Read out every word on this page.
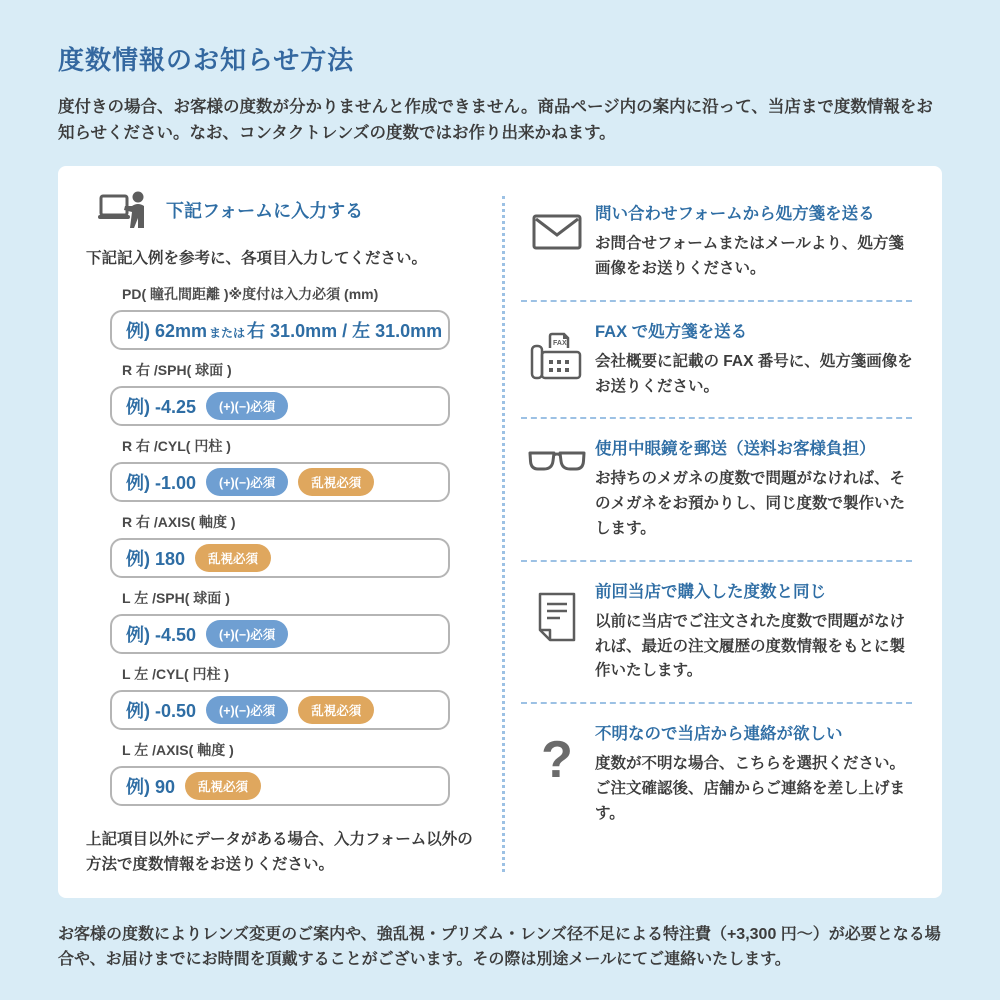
度数情報のお知らせ方法

度付きの場合、お客様の度数が分かりませんと作成できません。商品ページ内の案内に沿って、当店まで度数情報をお知らせください。なお、コンタクトレンズの度数ではお作り出来かねます。

下記フォームに入力する

下記記入例を参考に、各項目入力してください。

PD( 瞳孔間距離 )※度付は入力必須 (mm)
例) 62mm または 右 31.0mm / 左 31.0mm
R 右 /SPH( 球面 )
例) -4.25	(+)(−)必須
R 右 /CYL( 円柱 )
例) -1.00	(+)(−)必須	乱視必須
R 右 /AXIS( 軸度 )
例) 180	乱視必須
L 左 /SPH( 球面 )
例) -4.50	(+)(−)必須
L 左 /CYL( 円柱 )
例) -0.50	(+)(−)必須	乱視必須
L 左 /AXIS( 軸度 )
例) 90	乱視必須

上記項目以外にデータがある場合、入力フォーム以外の方法で度数情報をお送りください。

問い合わせフォームから処方箋を送る
お問合せフォームまたはメールより、処方箋画像をお送りください。
FAX
FAX で処方箋を送る
会社概要に記載の FAX 番号に、処方箋画像をお送りください。
使用中眼鏡を郵送（送料お客様負担）
お持ちのメガネの度数で問題がなければ、そのメガネをお預かりし、同じ度数で製作いたします。
前回当店で購入した度数と同じ
以前に当店でご注文された度数で問題がなければ、最近の注文履歴の度数情報をもとに製作いたします。
? 不明なので当店から連絡が欲しい
度数が不明な場合、こちらを選択ください。ご注文確認後、店舗からご連絡を差し上げます。

お客様の度数によりレンズ変更のご案内や、強乱視・プリズム・レンズ径不足による特注費（+3,300 円～）が必要となる場合や、お届けまでにお時間を頂戴することがございます。その際は別途メールにてご連絡いたします。
